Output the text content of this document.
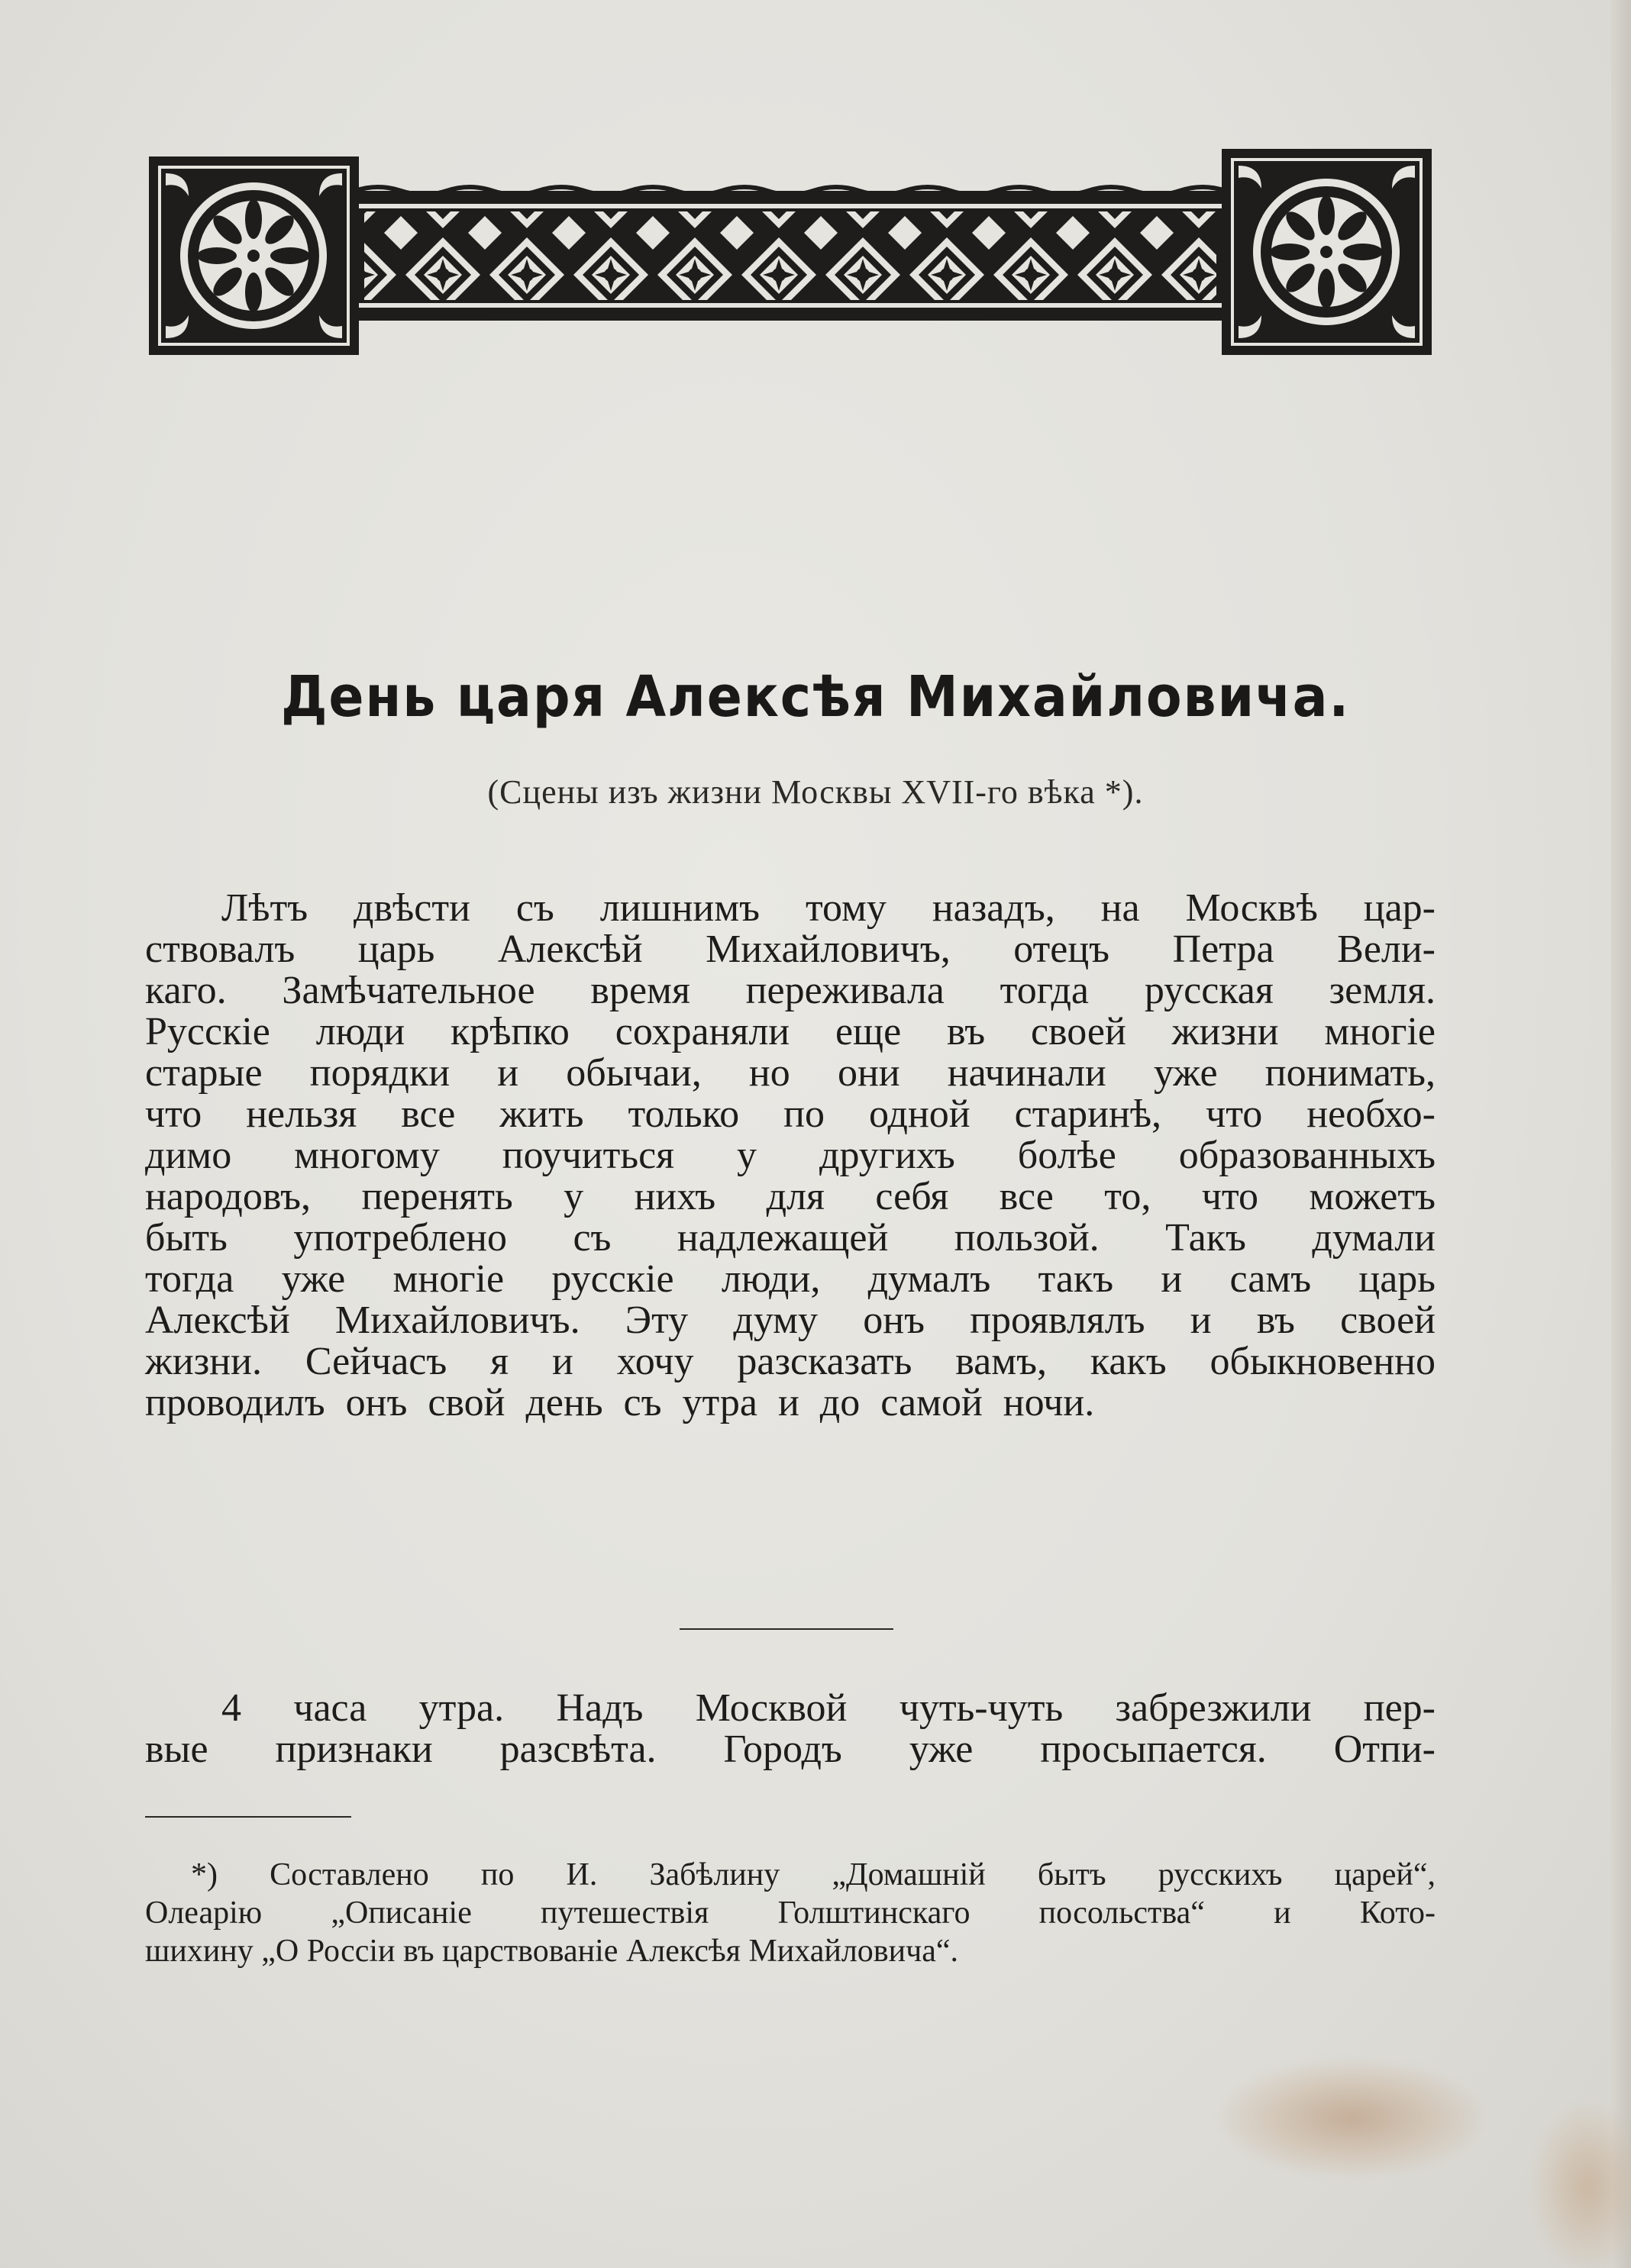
День царя Алексѣя Михайловича.
(Сцены изъ жизни Москвы XVII-го вѣка *).
Лѣтъ двѣсти съ лишнимъ тому назадъ, на Москвѣ цар-
ствовалъ царь Алексѣй Михайловичъ, отецъ Петра Вели-
каго. Замѣчательное время переживала тогда русская земля.
Русскіе люди крѣпко сохраняли еще въ своей жизни многіе
старые порядки и обычаи, но они начинали уже понимать,
что нельзя все жить только по одной старинѣ, что необхо-
димо многому поучиться у другихъ болѣе образованныхъ
народовъ, перенять у нихъ для себя все то, что можетъ
быть употреблено съ надлежащей пользой. Такъ думали
тогда уже многіе русскіе люди, думалъ такъ и самъ царь
Алексѣй Михайловичъ. Эту думу онъ проявлялъ и въ своей
жизни. Сейчасъ я и хочу разсказать вамъ, какъ обыкновенно
проводилъ онъ свой день съ утра и до самой ночи.
4 часа утра. Надъ Москвой чуть-чуть забрезжили пер-
вые признаки разсвѣта. Городъ уже просыпается. Отпи-
*) Составлено по И. Забѣлину „Домашній бытъ русскихъ царей“,
Олеарію „Описаніе путешествія Голштинскаго посольства“ и Кото-
шихину „О Россіи въ царствованіе Алексѣя Михайловича“.
